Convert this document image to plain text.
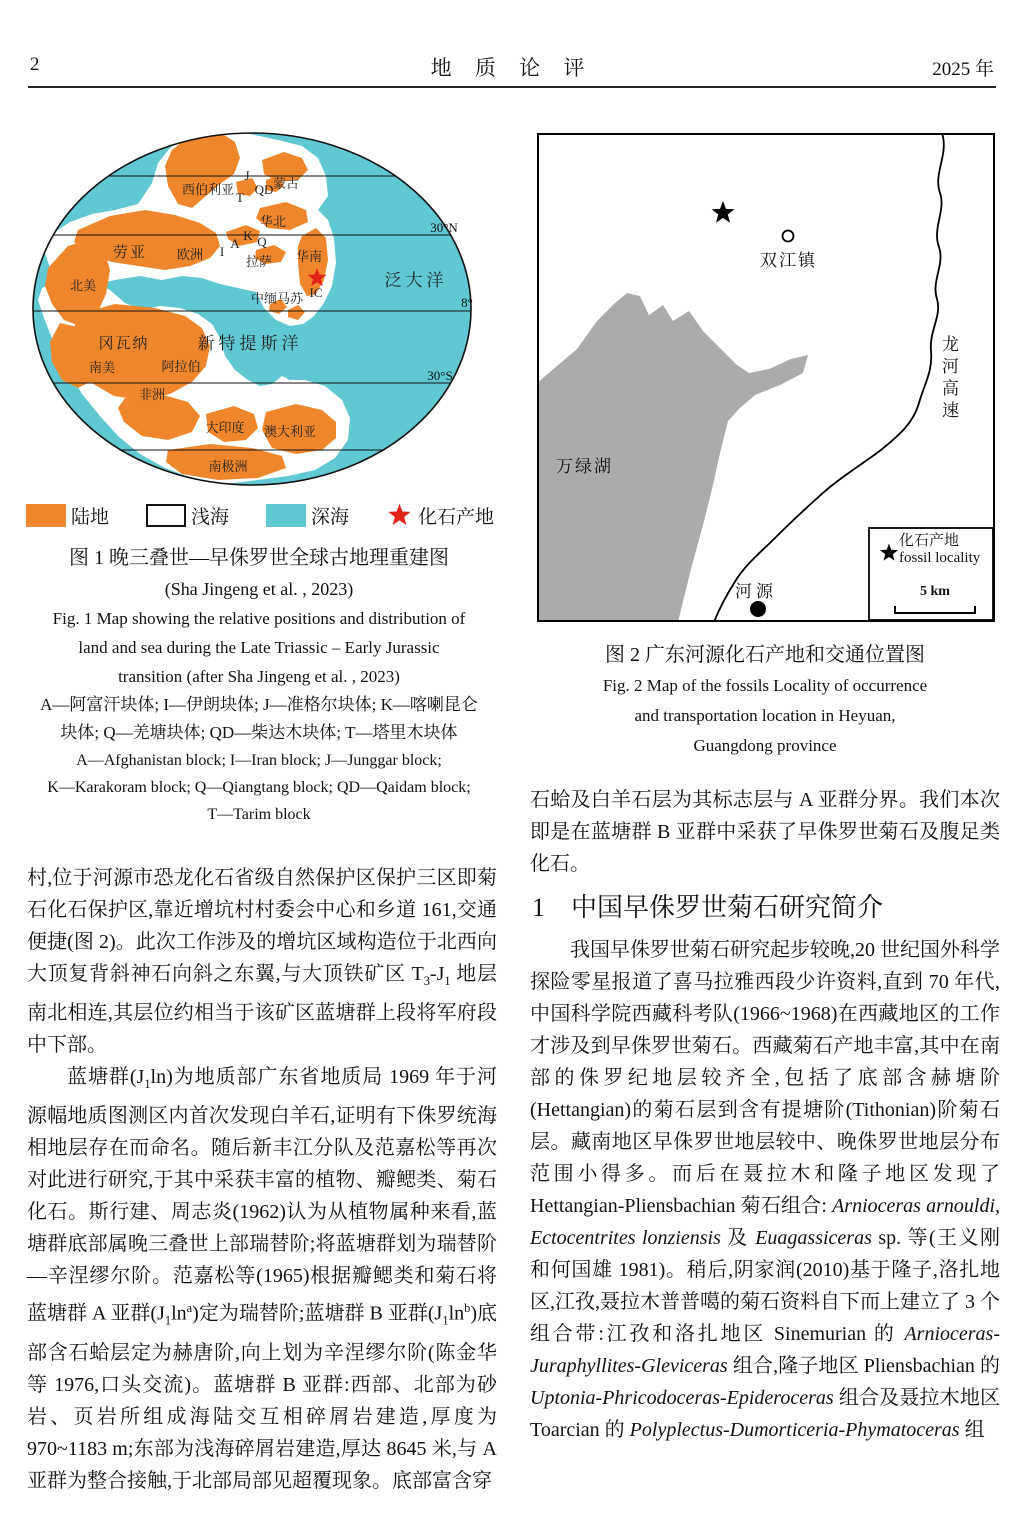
2	地 质 论 评	2025 年
西伯利亚	蒙古
J
T
QD
华北
I
A
K Q
劳亚 欧洲	拉萨 华南
泛大洋
北美	IC
中缅马苏
冈瓦纳	新特提斯洋
南美	阿拉伯
非洲
大印度 澳大利亚
南极洲
30°N
8°
30°S
陆地	浅海	深海	化石产地
图 1 晚三叠世—早侏罗世全球古地理重建图
(Sha Jingeng et al. , 2023)
Fig. 1 Map showing the relative positions and distribution of
land and sea during the Late Triassic – Early Jurassic
transition (after Sha Jingeng et al. , 2023)
A—阿富汗块体; I—伊朗块体; J—准格尔块体; K—喀喇昆仑
块体; Q—羌塘块体; QD—柴达木块体; T—塔里木块体
A—Afghanistan block; I—Iran block; J—Junggar block;
K—Karakoram block; Q—Qiangtang block; QD—Qaidam block;
T—Tarim block
双江镇
万绿湖
河源
龙河高速
化石产地
fossil locality
5 km
图 2 广东河源化石产地和交通位置图
Fig. 2 Map of the fossils Locality of occurrence
and transportation location in Heyuan,
Guangdong province

村,位于河源市恐龙化石省级自然保护区保护三区即菊石化石保护区,靠近增坑村村委会中心和乡道 161,交通便捷(图 2)。此次工作涉及的增坑区域构造位于北西向大顶复背斜神石向斜之东翼,与大顶铁矿区 $T_3-J_1$ 地层南北相连,其层位约相当于该矿区蓝塘群上段将军府段中下部。

蓝塘群$(J_1\ln)$为地质部广东省地质局 1969 年于河源幅地质图测区内首次发现白羊石,证明有下侏罗统海相地层存在而命名。随后新丰江分队及范嘉松等再次对此进行研究,于其中采获丰富的植物、瓣鳃类、菊石化石。斯行建、周志炎(1962)认为从植物属种来看,蓝塘群底部属晚三叠世上部瑞替阶;将蓝塘群划为瑞替阶—辛涅缪尔阶。范嘉松等(1965)根据瓣鳃类和菊石将蓝塘群 A 亚群$(J_1\ln^a)$定为瑞替阶;蓝塘群 B 亚群$(J_1\ln^b)$底部含石蛤层定为赫唐阶,向上划为辛涅缪尔阶(陈金华等 1976,口头交流)。蓝塘群 B 亚群:西部、北部为砂岩、页岩所组成海陆交互相碎屑岩建造,厚度为 970~1183 m;东部为浅海碎屑岩建造,厚达 8645 米,与 A 亚群为整合接触,于北部局部见超覆现象。底部富含穿

石蛤及白羊石层为其标志层与 A 亚群分界。我们本次即是在蓝塘群 B 亚群中采获了早侏罗世菊石及腹足类化石。

1 中国早侏罗世菊石研究简介

我国早侏罗世菊石研究起步较晚,20 世纪国外科学探险零星报道了喜马拉雅西段少许资料,直到 70 年代,中国科学院西藏科考队(1966~1968)在西藏地区的工作才涉及到早侏罗世菊石。西藏菊石产地丰富,其中在南部的侏罗纪地层较齐全,包括了底部含赫塘阶(Hettangian)的菊石层到含有提塘阶(Tithonian)阶菊石层。藏南地区早侏罗世地层较中、晚侏罗世地层分布范围小得多。而后在聂拉木和隆子地区发现了 Hettangian-Pliensbachian 菊石组合: Arnioceras arnouldi, Ectocentrites lonziensis 及 Euagassiceras sp. 等(王义刚和何国雄 1981)。稍后,阴家润(2010)基于隆子,洛扎地区,江孜,聂拉木普普噶的菊石资料自下而上建立了 3 个组合带:江孜和洛扎地区 Sinemurian 的 Arnioceras-Juraphyllites-Gleviceras 组合,隆子地区 Pliensbachian 的 Uptonia-Phricodoceras-Epideroceras 组合及聂拉木地区 Toarcian 的 Polyplectus-Dumorticeria-Phymatoceras 组
